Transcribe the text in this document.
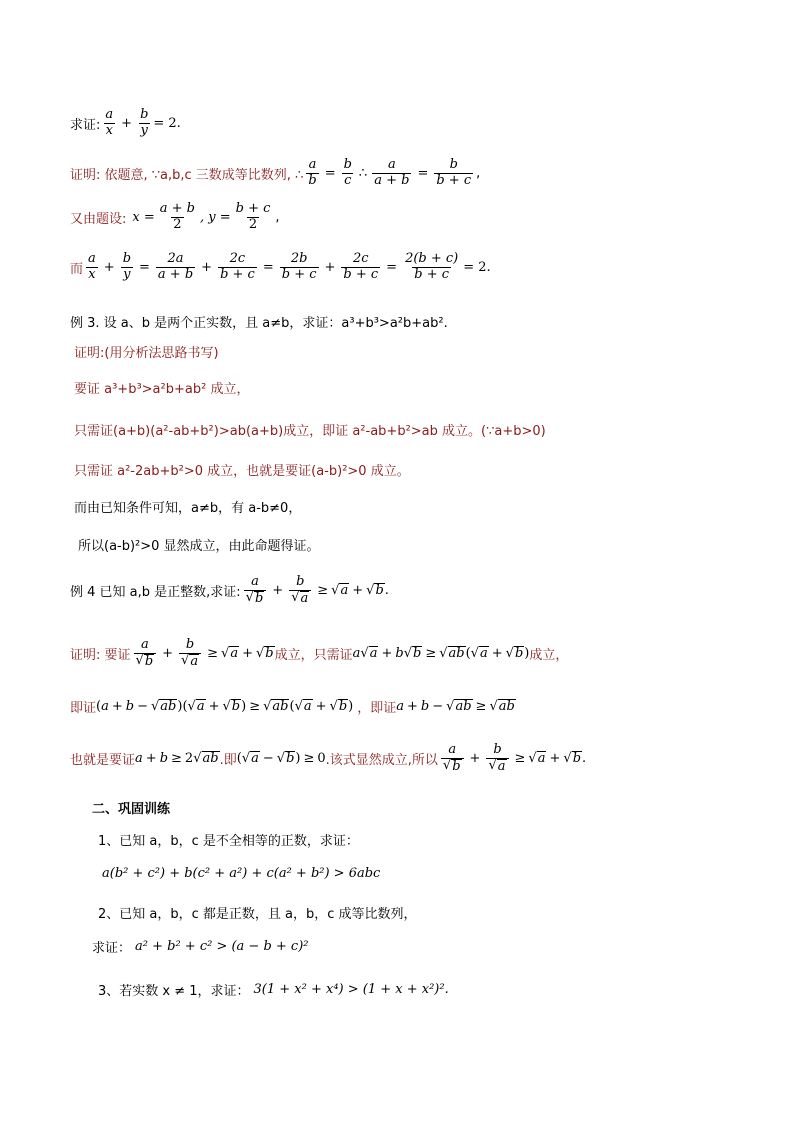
求证: $\frac{a}{x} + \frac{b}{y} = 2$.
证明: 依题意, ∵a,b,c 三数成等比数列, ∴ $\frac{a}{b} = \frac{b}{c}$ ∴ $\frac{a}{a + b} = \frac{b}{b + c}$ ,
又由题设: $x = \frac{a + b}{2}$ , $y = \frac{b + c}{2}$ ,
而 $\frac{a}{x} + \frac{b}{y} = \frac{2a}{a + b} + \frac{2c}{b + c} = \frac{2b}{b + c} + \frac{2c}{b + c} = \frac{2(b + c)}{b + c} = 2$.
例 3. 设 a、b 是两个正实数，且 a≠b，求证：a³+b³>a²b+ab².
证明:(用分析法思路书写)
要证 a³+b³>a²b+ab² 成立，
只需证(a+b)(a²-ab+b²)>ab(a+b)成立，即证 a²-ab+b²>ab 成立。(∵a+b>0)
只需证 a²-2ab+b²>0 成立，也就是要证(a-b)²>0 成立。
而由已知条件可知，a≠b，有 a-b≠0，
所以(a-b)²>0 显然成立，由此命题得证。
例 4 已知 a,b 是正整数,求证: $\frac{a}{√ b} + \frac{b}{√ a}$ ≥ √ a + √ b .
证明: 要证 $\frac{a}{√ b} + \frac{b}{√ a}$ ≥ √ a + √ b 成立，只需证 a √ a + b √ b ≥ √ ab ( √ a + √ b ) 成立，
即证 ( a + b − √ ab )( √ a + √ b ) ≥ √ ab ( √ a + √ b ) ，即证 a + b − √ ab ≥ √ ab
也就是要证 a + b ≥ 2 √ ab .即 ( √ a − √ b ) ≥ 0 .该式显然成立,所以 $\frac{a}{√ b} + \frac{b}{√ a}$ ≥ √ a + √ b .
二、巩固训练
1、已知 a，b，c 是不全相等的正数，求证：
a(b² + c²) + b(c² + a²) + c(a² + b²) > 6abc
2、已知 a，b，c 都是正数，且 a，b，c 成等比数列，
求证： a² + b² + c² > (a − b + c)²
3、若实数 x ≠ 1，求证： 3(1 + x² + x⁴) > (1 + x + x²)².
